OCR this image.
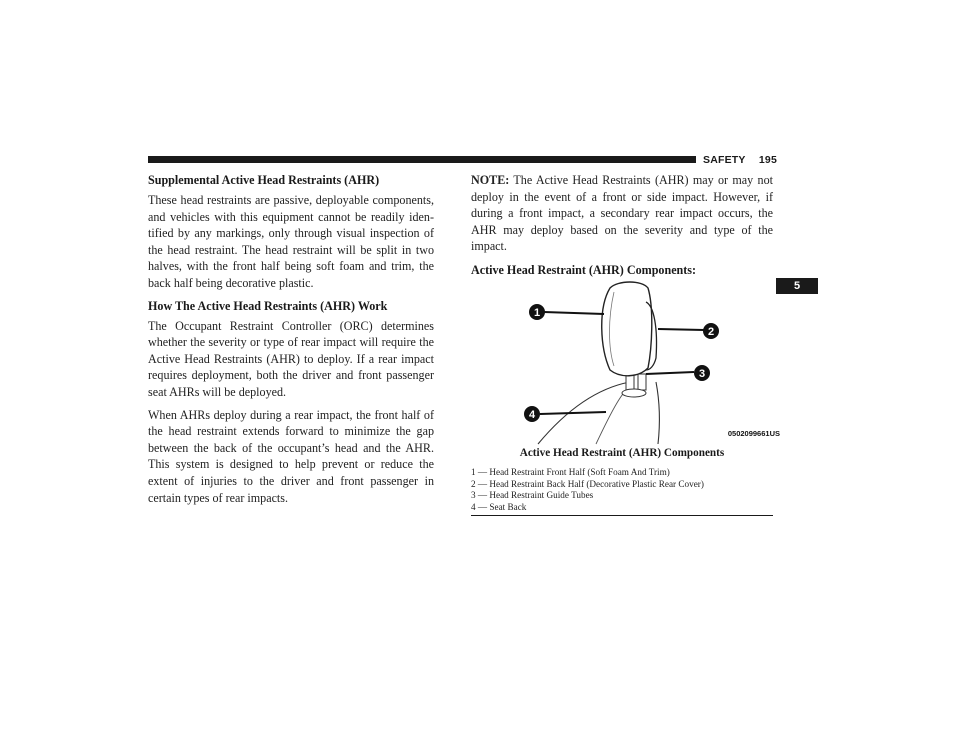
SAFETY 195
5
Supplemental Active Head Restraints (AHR)

These head restraints are passive, deployable components, and vehicles with this equipment cannot be readily iden-tified by any markings, only through visual inspection of the head restraint. The head restraint will be split in two halves, with the front half being soft foam and trim, the back half being decorative plastic.

How The Active Head Restraints (AHR) Work

The Occupant Restraint Controller (ORC) determines whether the severity or type of rear impact will require the Active Head Restraints (AHR) to deploy. If a rear impact requires deployment, both the driver and front passenger seat AHRs will be deployed.

When AHRs deploy during a rear impact, the front half of the head restraint extends forward to minimize the gap between the back of the occupant’s head and the AHR. This system is designed to help prevent or reduce the extent of injuries to the driver and front passenger in certain types of rear impacts.

NOTE: The Active Head Restraints (AHR) may or may not deploy in the event of a front or side impact. However, if during a front impact, a secondary rear impact occurs, the AHR may deploy based on the severity and type of the impact.

Active Head Restraint (AHR) Components:
1
2
3
4
0502099661US
Active Head Restraint (AHR) Components
1 — Head Restraint Front Half (Soft Foam And Trim)
2 — Head Restraint Back Half (Decorative Plastic Rear Cover)
3 — Head Restraint Guide Tubes
4 — Seat Back
